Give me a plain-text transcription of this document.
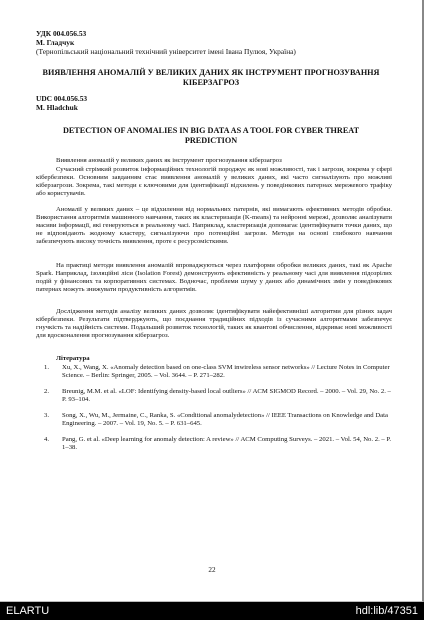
УДК 004.056.53

М. Гладчук

(Тернопільський національний технічний університет імені Івана Пулюя, Україна)

ВИЯВЛЕННЯ АНОМАЛІЙ У ВЕЛИКИХ ДАНИХ ЯК ІНСТРУМЕНТ ПРОГНОЗУВАННЯ КІБЕРЗАГРОЗ

UDC 004.056.53

M. Hladchuk

DETECTION OF ANOMALIES IN BIG DATA AS A TOOL FOR CYBER THREAT PREDICTION

Виявлення аномалій у великих даних як інструмент прогнозування кіберзагроз

Сучасний стрімкий розвиток інформаційних технологій породжує як нові можливості, так і загрози, зокрема у сфері кібербезпеки. Основним завданням стає виявлення аномалій у великих даних, які часто сигналізують про можливі кіберзагрози. Зокрема, такі методи є ключовими для ідентифікації відхилень у поведінкових патернах мережевого трафіку або користувачів.

Аномалії у великих даних – це відхилення від нормальних патернів, які вимагають ефективних методів обробки. Використання алгоритмів машинного навчання, таких як кластеризація (K-means) та нейронні мережі, дозволяє аналізувати масиви інформації, які генеруються в реальному часі. Наприклад, кластеризація допомагає ідентифікувати точки даних, що не відповідають жодному кластеру, сигналізуючи про потенційні загрози. Методи на основі глибокого навчання забезпечують високу точність виявлення, проте є ресурсомісткими.

На практиці методи виявлення аномалій впроваджуються через платформи обробки великих даних, такі як Apache Spark. Наприклад, ізоляційні ліси (Isolation Forest) демонструють ефективність у реальному часі для виявлення підозрілих подій у фінансових та корпоративних системах. Водночас, проблеми шуму у даних або динамічних змін у поведінкових патернах можуть знижувати продуктивність алгоритмів.

Дослідження методів аналізу великих даних дозволяє ідентифікувати найефективніші алгоритми для різних задач кібербезпеки. Результати підтверджують, що поєднання традиційних підходів із сучасними алгоритмами забезпечує гнучкість та надійність системи. Подальший розвиток технологій, таких як квантові обчислення, відкриває нові можливості для вдосконалення прогнозування кіберзагроз.

Література

1.	Xu, X., Wang, X. «Anomaly detection based on one-class SVM inwireless sensor networks» // Lecture Notes in Computer Science. – Berlin: Springer, 2005. – Vol. 3644. – P. 271–282.
2.	Breunig, M.M. et al. «LOF: Identifying density-based local outliers» // ACM SIGMOD Record. – 2000. – Vol. 29, No. 2. – P. 93–104.
3.	Song, X., Wu, M., Jermaine, C., Ranka, S. «Conditional anomalydetection» // IEEE Transactions on Knowledge and Data Engineering. – 2007. – Vol. 19, No. 5. – P. 631–645.
4.	Pang, G. et al. «Deep learning for anomaly detection: A review» // ACM Computing Surveys. – 2021. – Vol. 54, No. 2. – P. 1–38.
22
ELARTU	hdl:lib/47351
